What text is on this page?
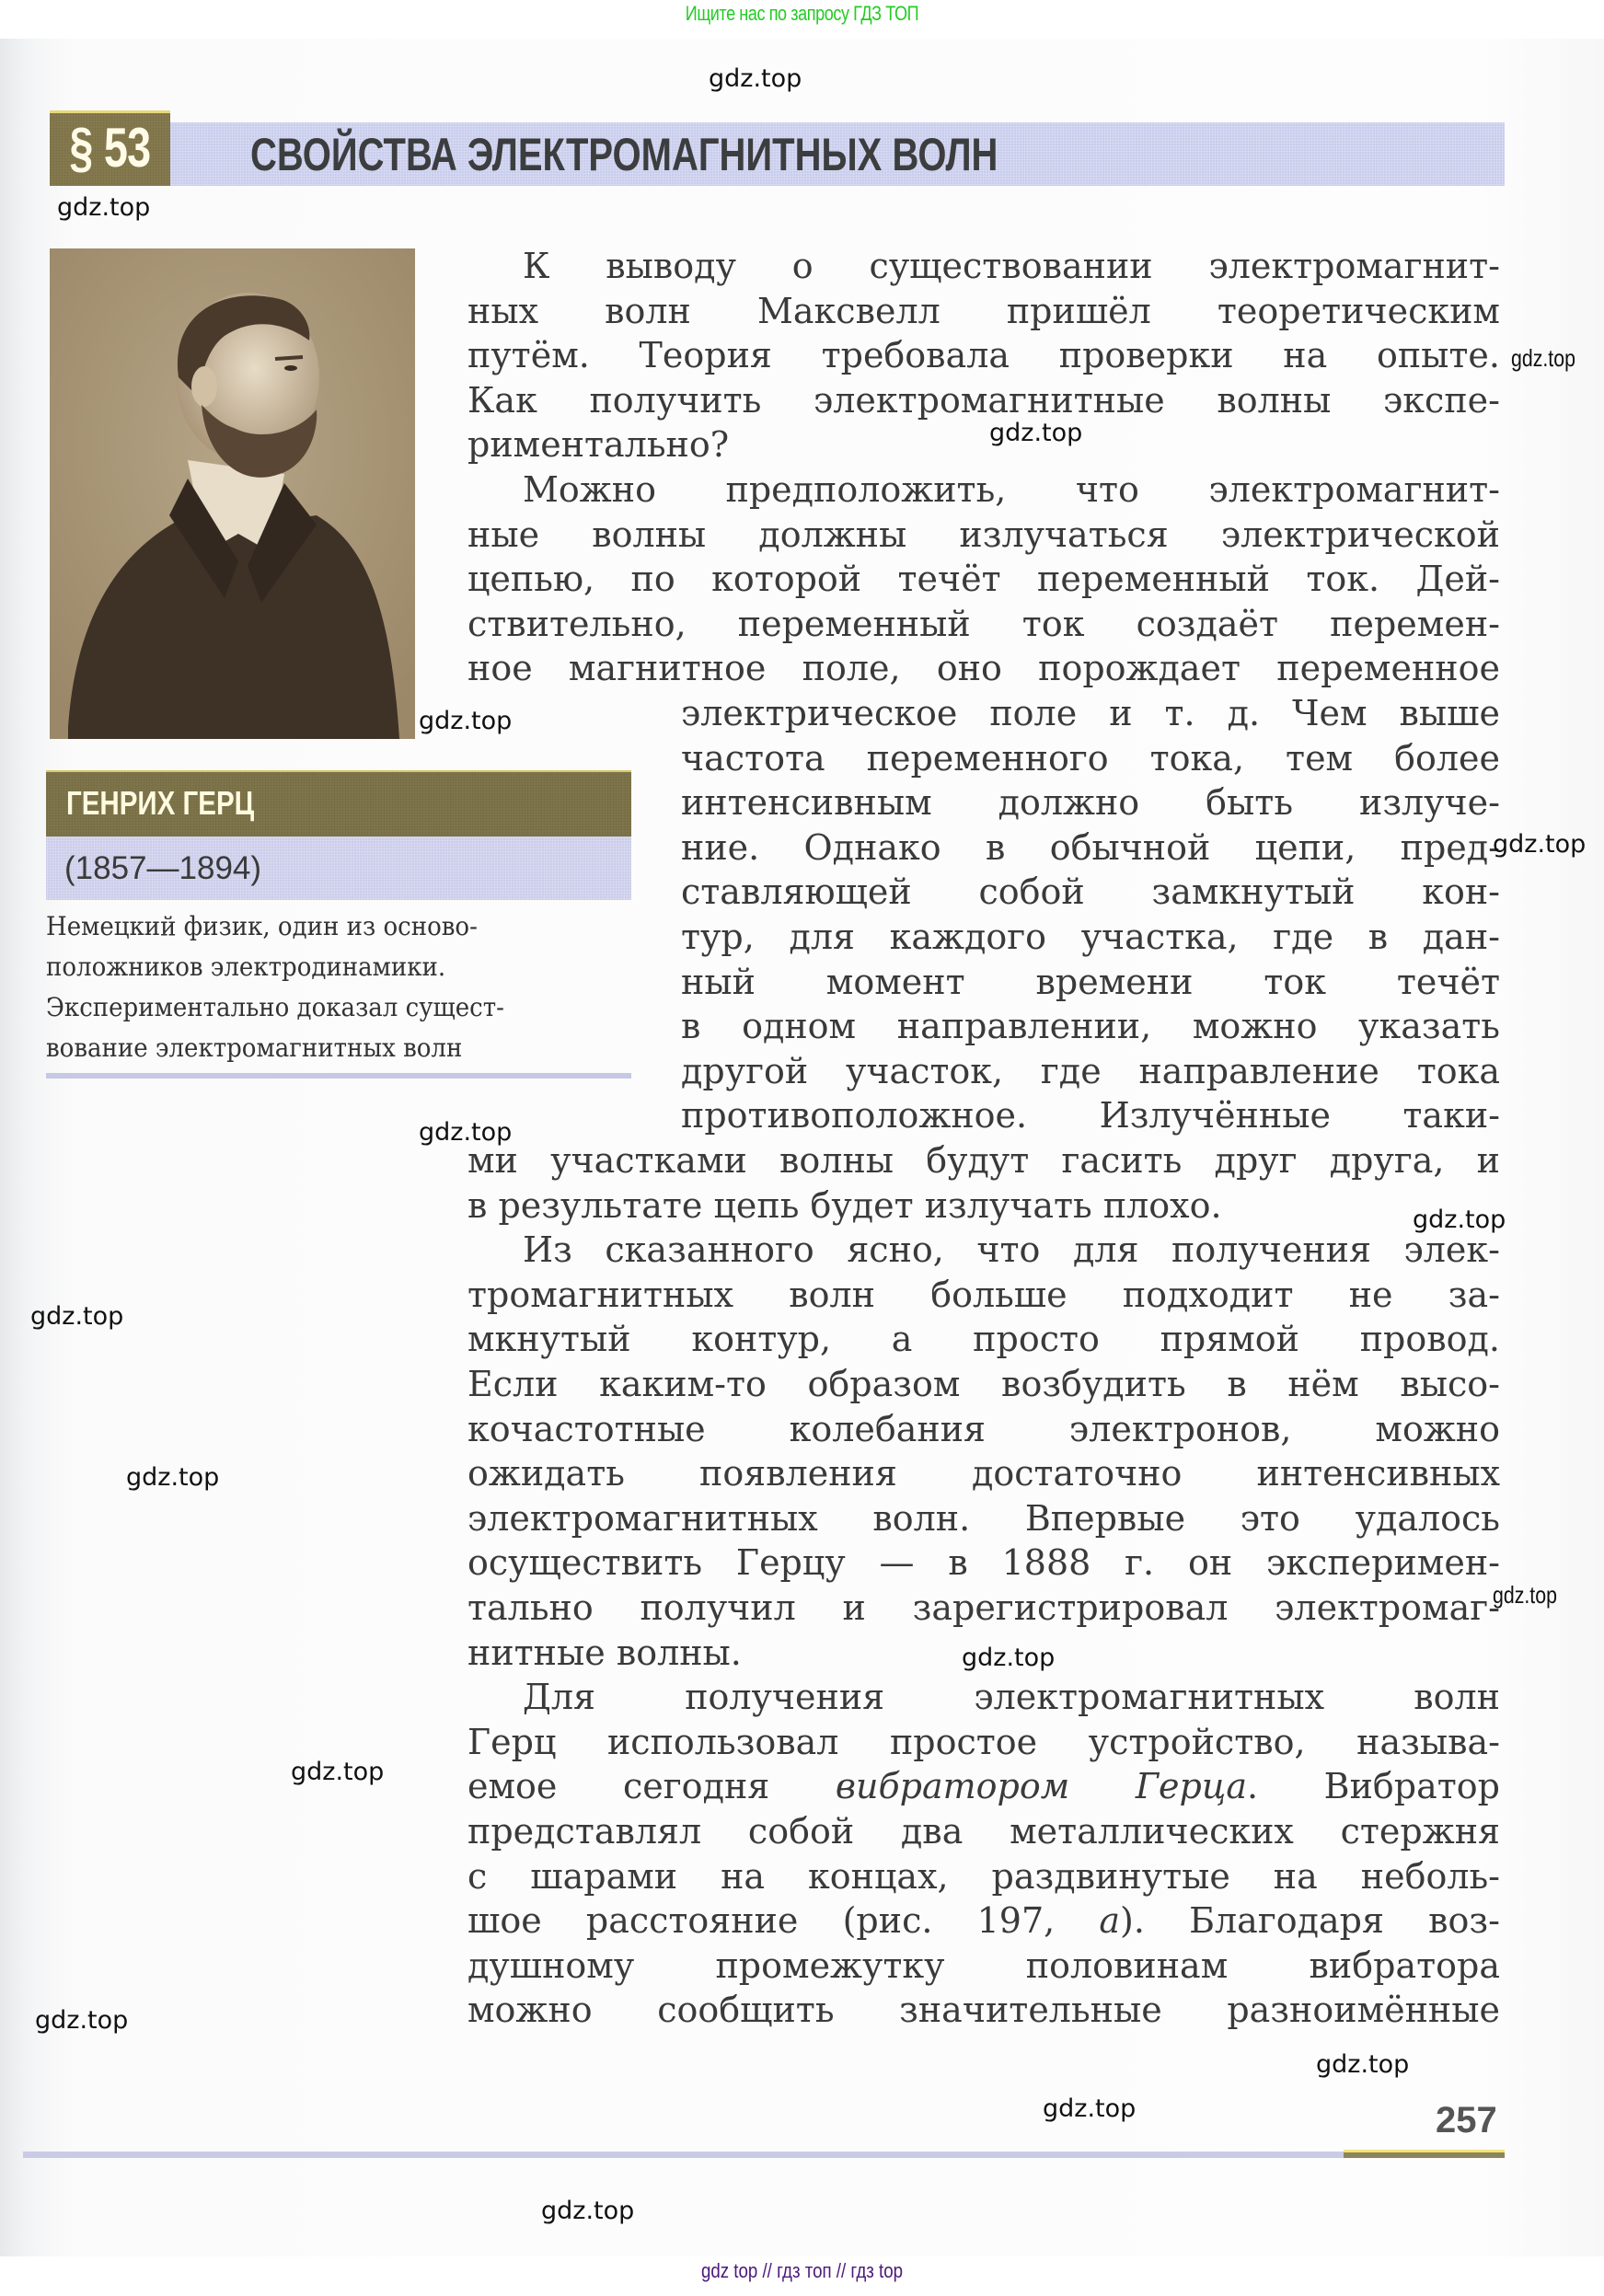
Ищите нас по запросу ГДЗ ТОП
§ 53	СВОЙСТВА ЭЛЕКТРОМАГНИТНЫХ ВОЛН
ГЕНРИХ ГЕРЦ
(1857—1894)
Немецкий физик, один из осново-
положников электродинамики.
Экспериментально доказал сущест-
вование электромагнитных волн
К выводу о существовании электромагнит-
ных волн Максвелл пришёл теоретическим
путём. Теория требовала проверки на опыте.
Как получить электромагнитные волны экспе-
риментально?
Можно предположить, что электромагнит-
ные волны должны излучаться электрической
цепью, по которой течёт переменный ток. Дей-
ствительно, переменный ток создаёт перемен-
ное магнитное поле, оно порождает переменное
электрическое поле и т. д. Чем выше
частота переменного тока, тем более
интенсивным должно быть излуче-
ние. Однако в обычной цепи, пред-
ставляющей собой замкнутый кон-
тур, для каждого участка, где в дан-
ный момент времени ток течёт
в одном направлении, можно указать
другой участок, где направление тока
противоположное. Излучённые таки-
ми участками волны будут гасить друг друга, и
в результате цепь будет излучать плохо.
Из сказанного ясно, что для получения элек-
тромагнитных волн больше подходит не за-
мкнутый контур, а просто прямой провод.
Если каким-то образом возбудить в нём высо-
кочастотные колебания электронов, можно
ожидать появления достаточно интенсивных
электромагнитных волн. Впервые это удалось
осуществить Герцу — в 1888 г. он эксперимен-
тально получил и зарегистрировал электромаг-
нитные волны.
Для получения электромагнитных волн
Герц использовал простое устройство, называ-
емое сегодня вибратором Герца. Вибратор
представлял собой два металлических стержня
с шарами на концах, раздвинутые на неболь-
шое расстояние (рис. 197, а). Благодаря воз-
душному промежутку половинам вибратора
можно сообщить значительные разноимённые
257
gdz.top
gdz.top
gdz.top
gdz.top
gdz.top
gdz.top
gdz.top
gdz.top
gdz.top
gdz.top
gdz.top
gdz.top
gdz.top
gdz.top
gdz.top
gdz.top
gdz.top
gdz top // гдз топ // гдз top
